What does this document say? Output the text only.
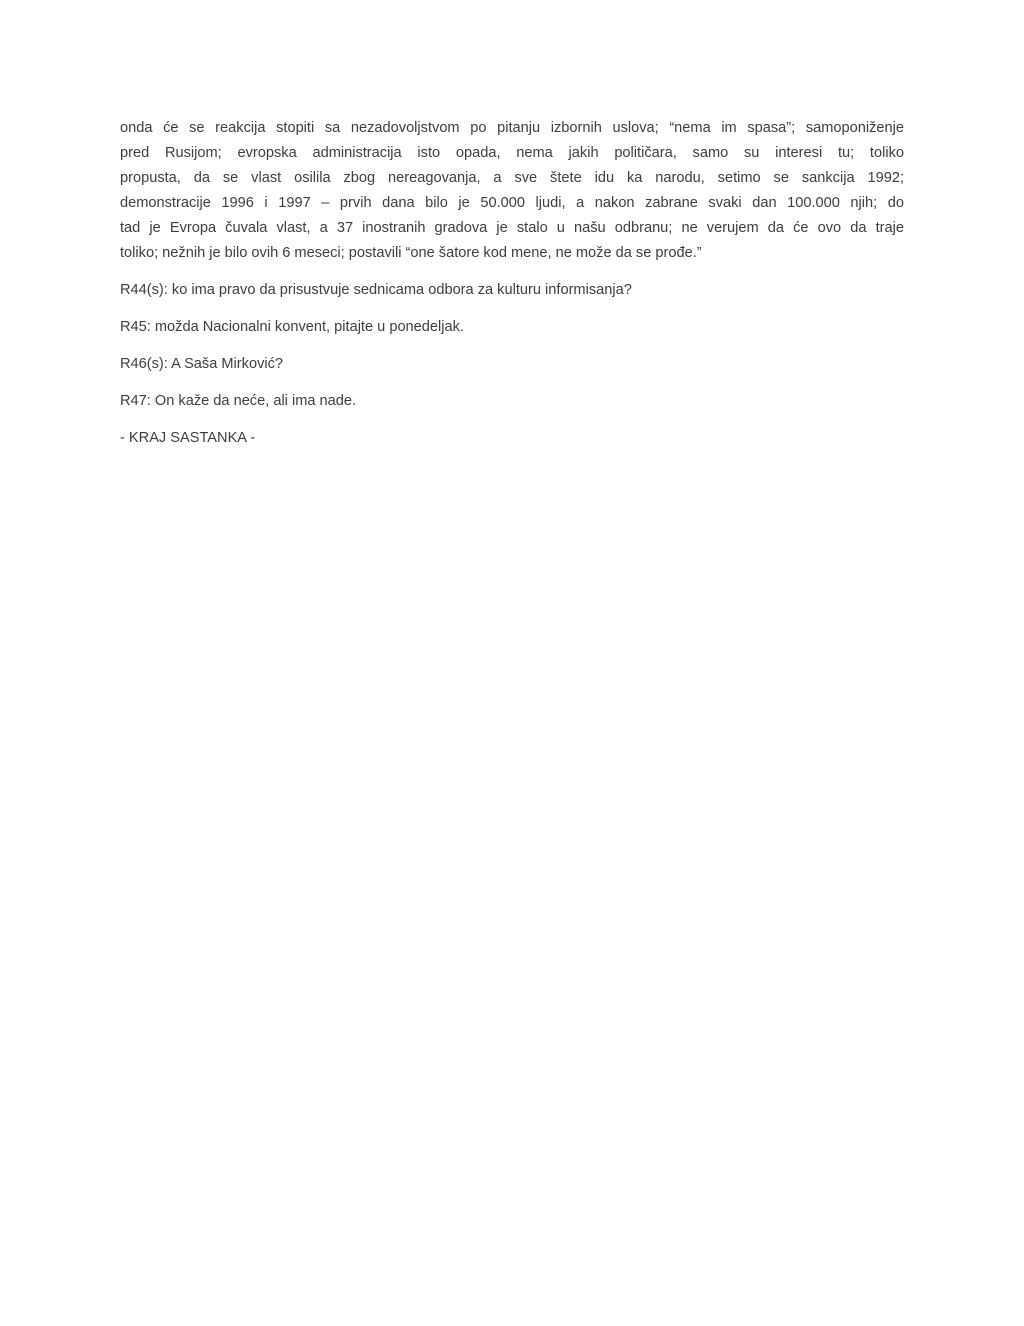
onda će se reakcija stopiti sa nezadovoljstvom po pitanju izbornih uslova; “nema im spasa”; samoponiženje
pred Rusijom; evropska administracija isto opada, nema jakih političara, samo su interesi tu; toliko
propusta, da se vlast osilila zbog nereagovanja, a sve štete idu ka narodu, setimo se sankcija 1992;
demonstracije 1996 i 1997 – prvih dana bilo je 50.000 ljudi, a nakon zabrane svaki dan 100.000 njih; do
tad je Evropa čuvala vlast, a 37 inostranih gradova je stalo u našu odbranu; ne verujem da će ovo da traje
toliko; nežnih je bilo ovih 6 meseci; postavili “one šatore kod mene, ne može da se prođe.”

R44(s): ko ima pravo da prisustvuje sednicama odbora za kulturu informisanja?

R45: možda Nacionalni konvent, pitajte u ponedeljak.

R46(s): A Saša Mirković?

R47: On kaže da neće, ali ima nade.

- KRAJ SASTANKA -
